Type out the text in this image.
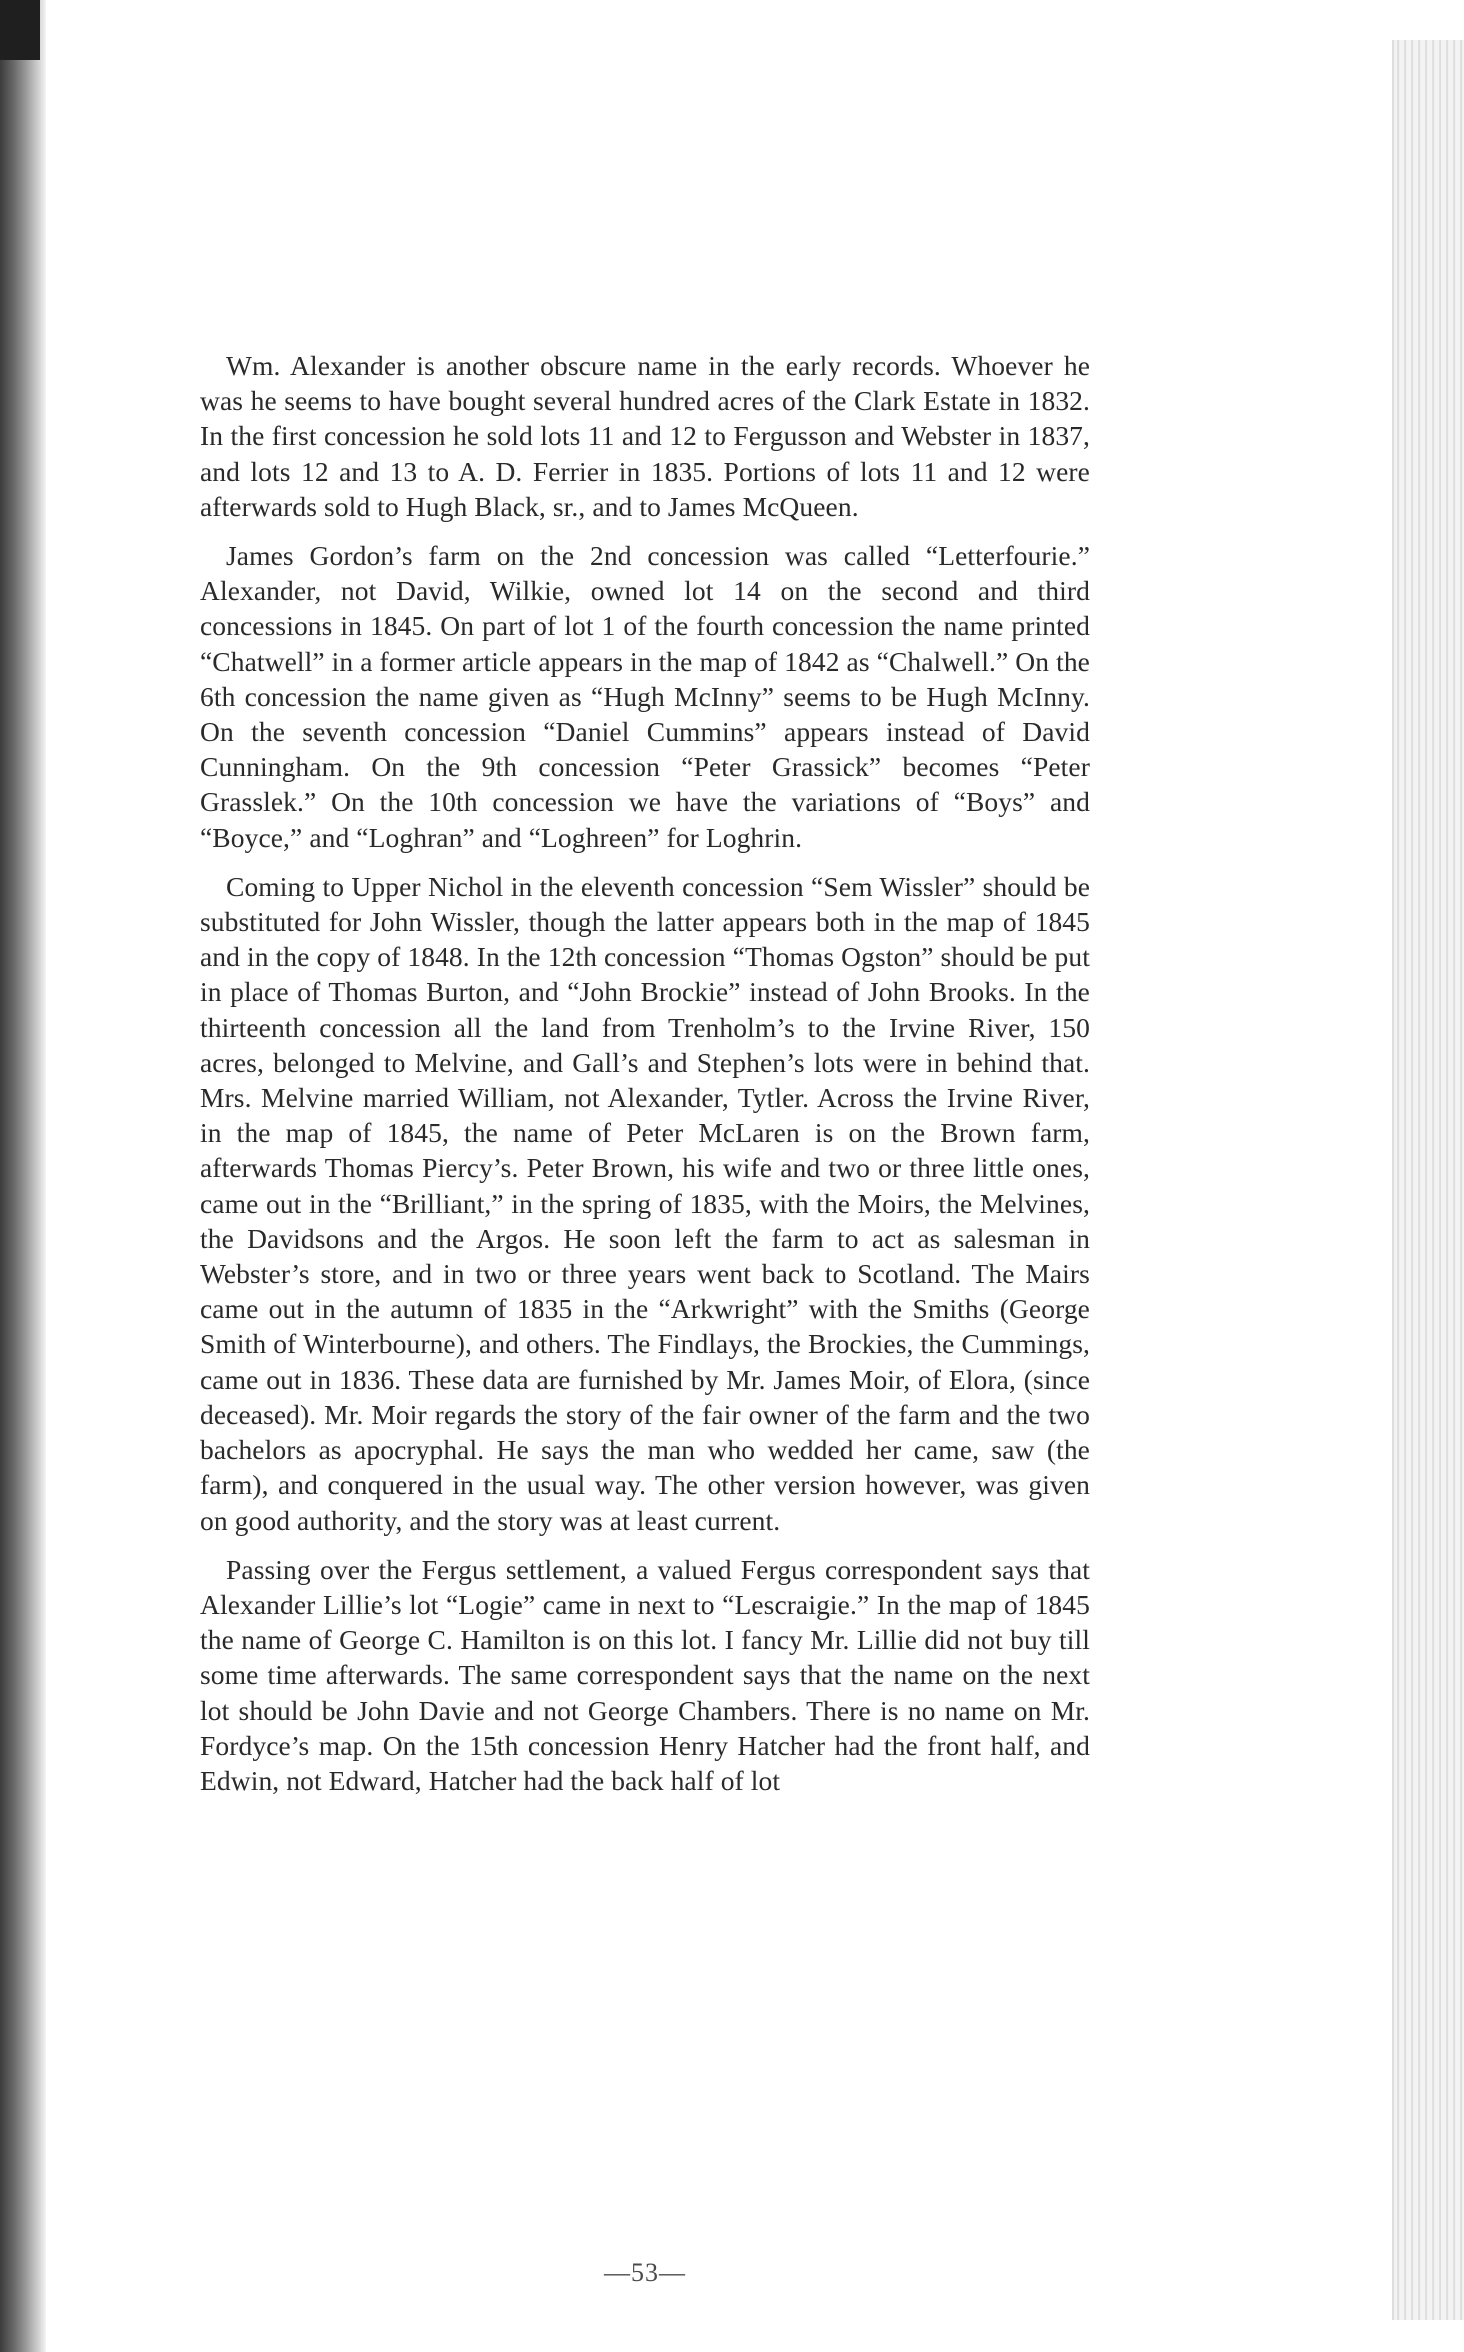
Wm. Alexander is another obscure name in the early records. Whoever he was he seems to have bought several hundred acres of the Clark Estate in 1832. In the first concession he sold lots 11 and 12 to Fergusson and Webster in 1837, and lots 12 and 13 to A. D. Ferrier in 1835. Portions of lots 11 and 12 were afterwards sold to Hugh Black, sr., and to James McQueen.

James Gordon’s farm on the 2nd concession was called “Letterfourie.” Alexander, not David, Wilkie, owned lot 14 on the second and third concessions in 1845. On part of lot 1 of the fourth concession the name printed “Chatwell” in a former article appears in the map of 1842 as “Chalwell.” On the 6th concession the name given as “Hugh McInny” seems to be Hugh McInny. On the seventh concession “Daniel Cummins” appears instead of David Cunningham. On the 9th concession “Peter Grassick” becomes “Peter Grasslek.” On the 10th concession we have the variations of “Boys” and “Boyce,” and “Loghran” and “Loghreen” for Loghrin.

Coming to Upper Nichol in the eleventh concession “Sem Wissler” should be substituted for John Wissler, though the latter appears both in the map of 1845 and in the copy of 1848. In the 12th concession “Thomas Ogston” should be put in place of Thomas Burton, and “John Brockie” instead of John Brooks. In the thirteenth concession all the land from Trenholm’s to the Irvine River, 150 acres, belonged to Melvine, and Gall’s and Stephen’s lots were in behind that. Mrs. Melvine married William, not Alexander, Tytler. Across the Irvine River, in the map of 1845, the name of Peter McLaren is on the Brown farm, afterwards Thomas Piercy’s. Peter Brown, his wife and two or three little ones, came out in the “Brilliant,” in the spring of 1835, with the Moirs, the Melvines, the Davidsons and the Argos. He soon left the farm to act as salesman in Webster’s store, and in two or three years went back to Scotland. The Mairs came out in the autumn of 1835 in the “Arkwright” with the Smiths (George Smith of Winterbourne), and others. The Findlays, the Brockies, the Cummings, came out in 1836. These data are furnished by Mr. James Moir, of Elora, (since deceased). Mr. Moir regards the story of the fair owner of the farm and the two bachelors as apocryphal. He says the man who wedded her came, saw (the farm), and conquered in the usual way. The other version however, was given on good authority, and the story was at least current.

Passing over the Fergus settlement, a valued Fergus correspondent says that Alexander Lillie’s lot “Logie” came in next to “Lescraigie.” In the map of 1845 the name of George C. Hamilton is on this lot. I fancy Mr. Lillie did not buy till some time afterwards. The same correspondent says that the name on the next lot should be John Davie and not George Chambers. There is no name on Mr. Fordyce’s map. On the 15th concession Henry Hatcher had the front half, and Edwin, not Edward, Hatcher had the back half of lot

—53—
